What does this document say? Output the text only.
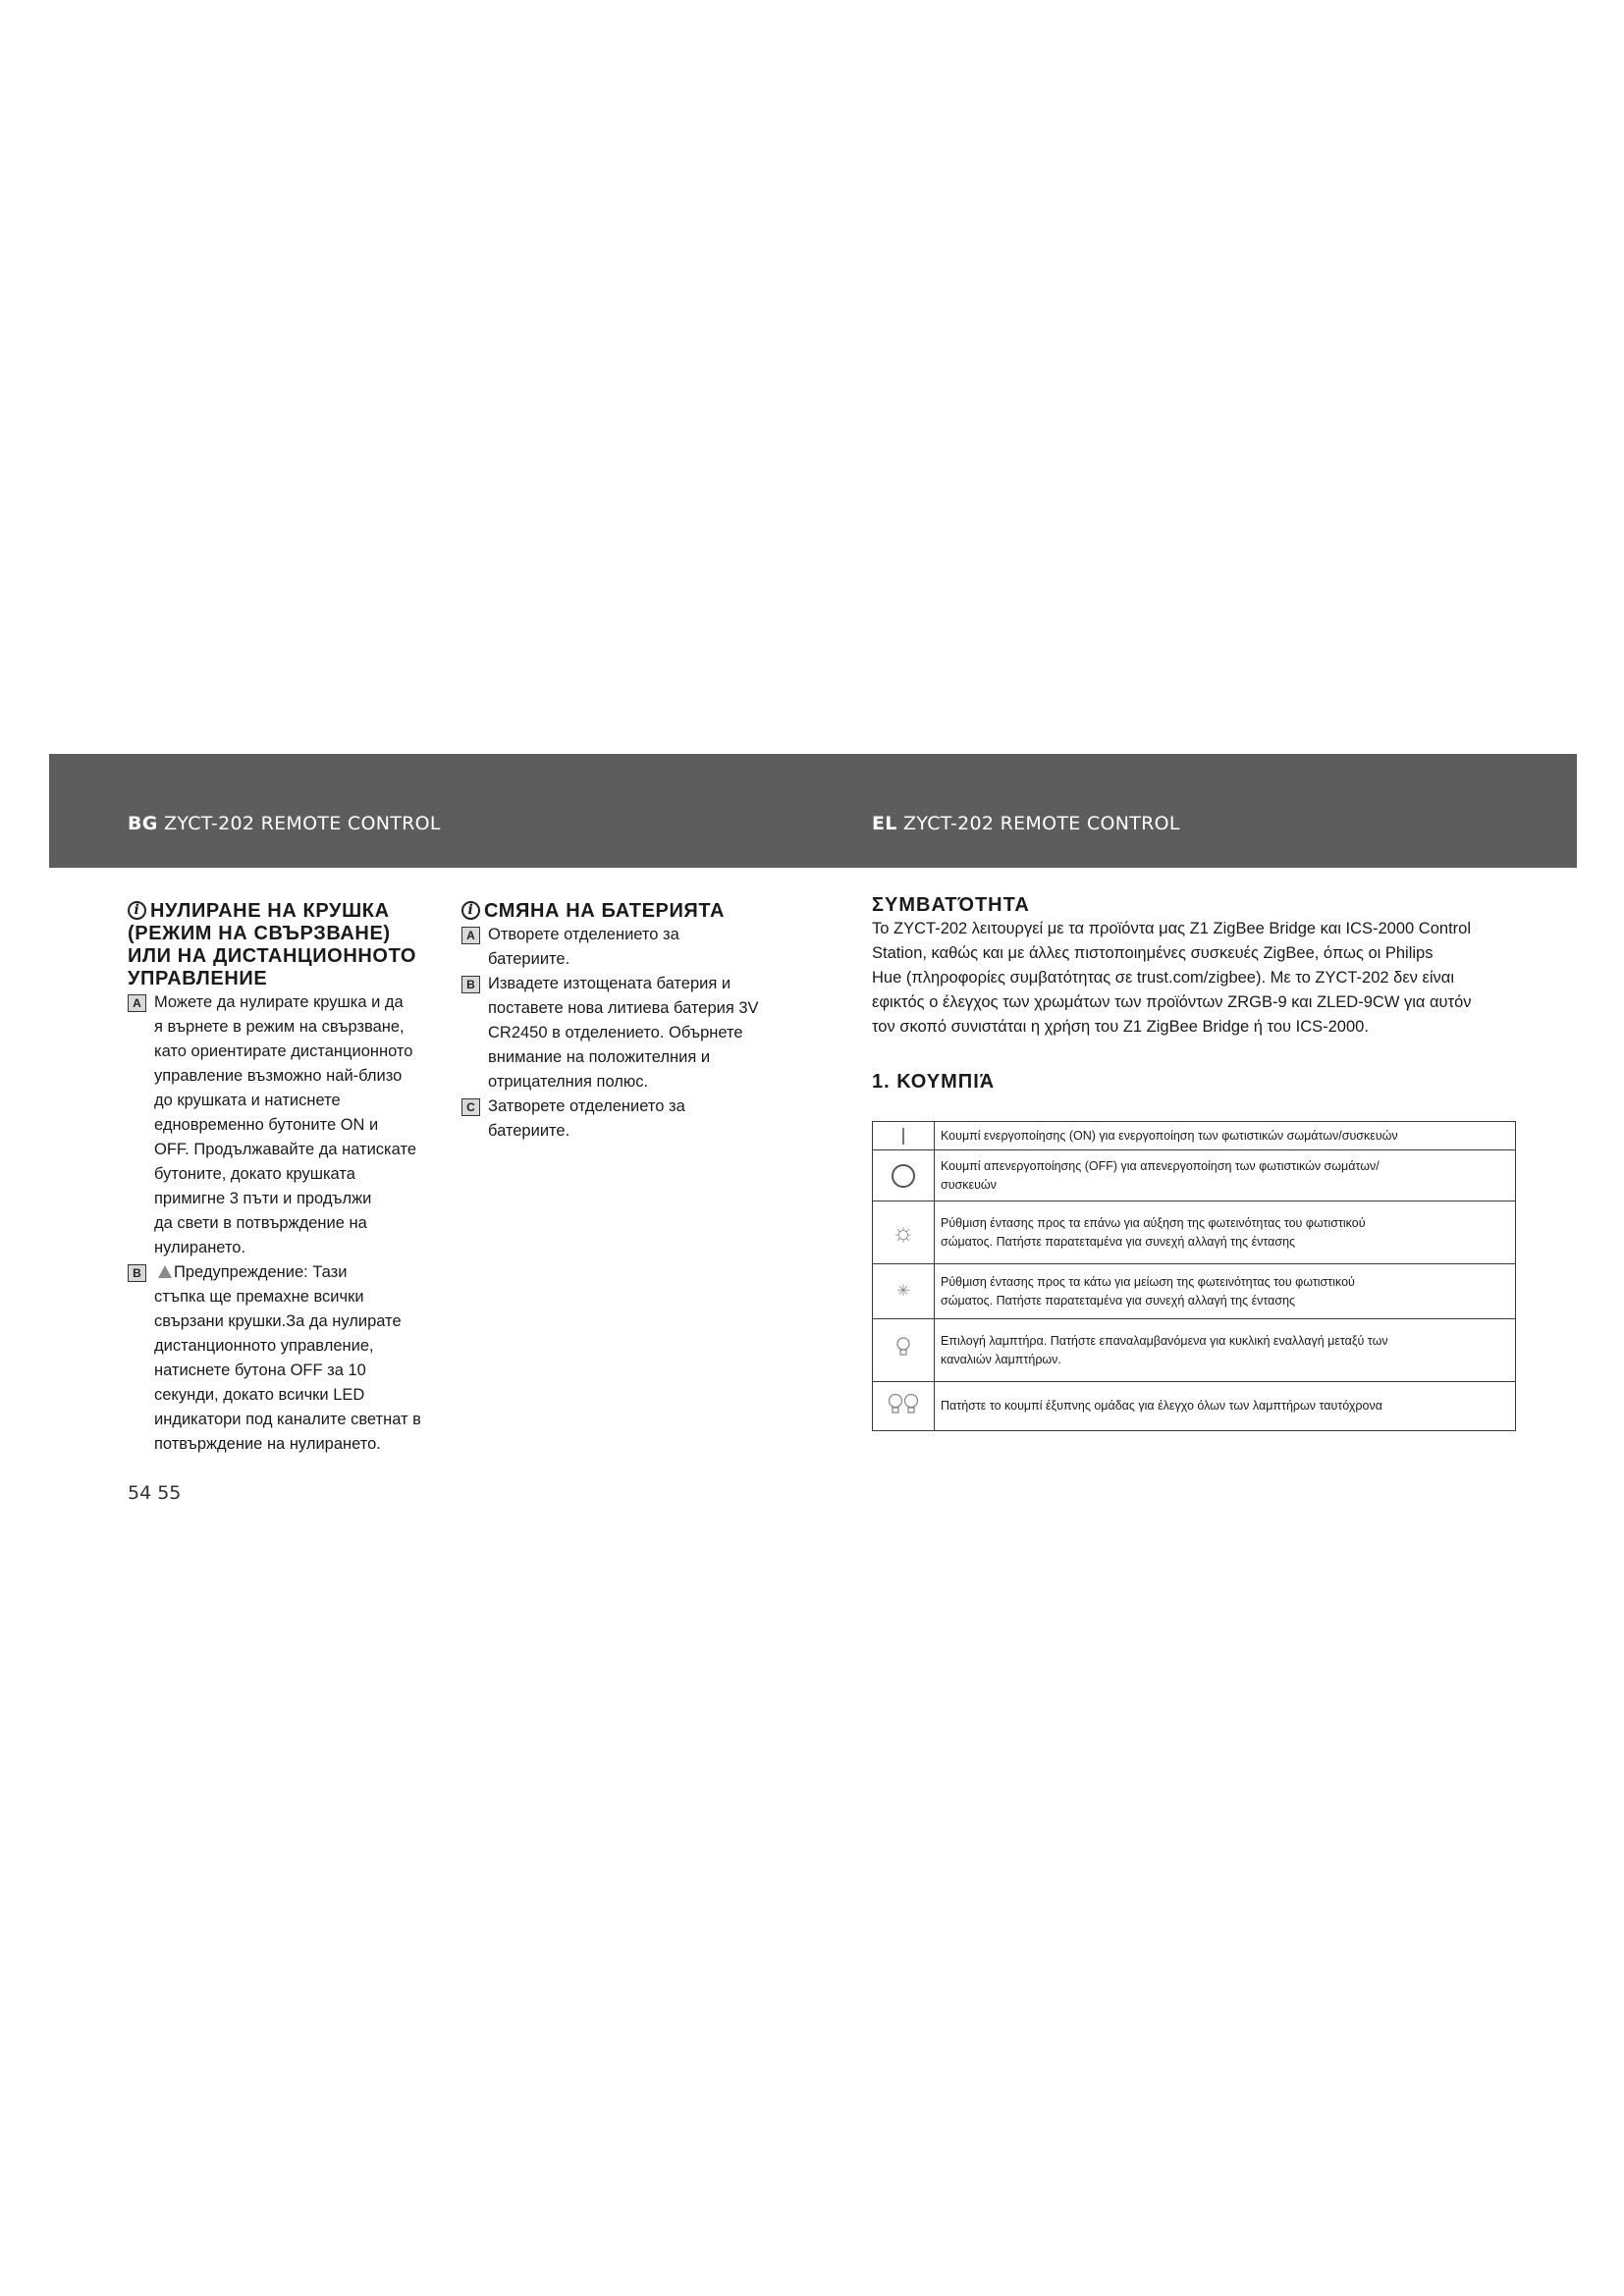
BG ZYCT-202 REMOTE CONTROL	EL ZYCT-202 REMOTE CONTROL
i НУЛИРАНЕ НА КРУШКА
(РЕЖИМ НА СВЪРЗВАНЕ)
ИЛИ НА ДИСТАНЦИОННОТО
УПРАВЛЕНИЕ
A Можете да нулирате крушка и да
я върнете в режим на свързване,
като ориентирате дистанционното
управление възможно най-близо
до крушката и натиснете
едновременно бутоните ON и
OFF. Продължавайте да натискате
бутоните, докато крушката
примигне 3 пъти и продължи
да свети в потвърждение на
нулирането.
B	Предупреждение: Тази
стъпка ще премахне всички
свързани крушки.За да нулирате
дистанционното управление,
натиснете бутона OFF за 10
секунди, докато всички LED
индикатори под каналите светнат в
потвърждение на нулирането.
i СМЯНА НА БАТЕРИЯТА
A Отворете отделението за
батериите.
B Извадете изтощената батерия и
поставете нова литиева батерия 3V
CR2450 в отделението. Обърнете
внимание на положителния и
отрицателния полюс.
C Затворете отделението за
батериите.
54 55
ΣΥΜΒΑΤΌΤΗΤΑ

Το ZYCT-202 λειτουργεί με τα προϊόντα μας Z1 ZigBee Bridge και ICS-2000 Control
Station, καθώς και με άλλες πιστοποιημένες συσκευές ZigBee, όπως οι Philips
Hue (πληροφορίες συμβατότητας σε trust.com/zigbee). Με το ZYCT-202 δεν είναι
εφικτός ο έλεγχος των χρωμάτων των προϊόντων ZRGB-9 και ZLED-9CW για αυτόν
τον σκοπό συνιστάται η χρήση του Z1 ZigBee Bridge ή του ICS-2000.

1. ΚΟΥΜΠΙΆ

	Κουμπί ενεργοποίησης (ON) για ενεργοποίηση των φωτιστικών σωμάτων/συσκευών

	Κουμπί απενεργοποίησης (OFF) για απενεργοποίηση των φωτιστικών σωμάτων/
συσκευών

☼	Ρύθμιση έντασης προς τα επάνω για αύξηση της φωτεινότητας του φωτιστικού
σώματος. Πατήστε παρατεταμένα για συνεχή αλλαγή της έντασης

✳	Ρύθμιση έντασης προς τα κάτω για μείωση της φωτεινότητας του φωτιστικού
σώματος. Πατήστε παρατεταμένα για συνεχή αλλαγή της έντασης

Επιλογή λαμπτήρα. Πατήστε επαναλαμβανόμενα για κυκλική εναλλαγή μεταξύ των
καναλιών λαμπτήρων.

Πατήστε το κουμπί έξυπνης ομάδας για έλεγχο όλων των λαμπτήρων ταυτόχρονα
